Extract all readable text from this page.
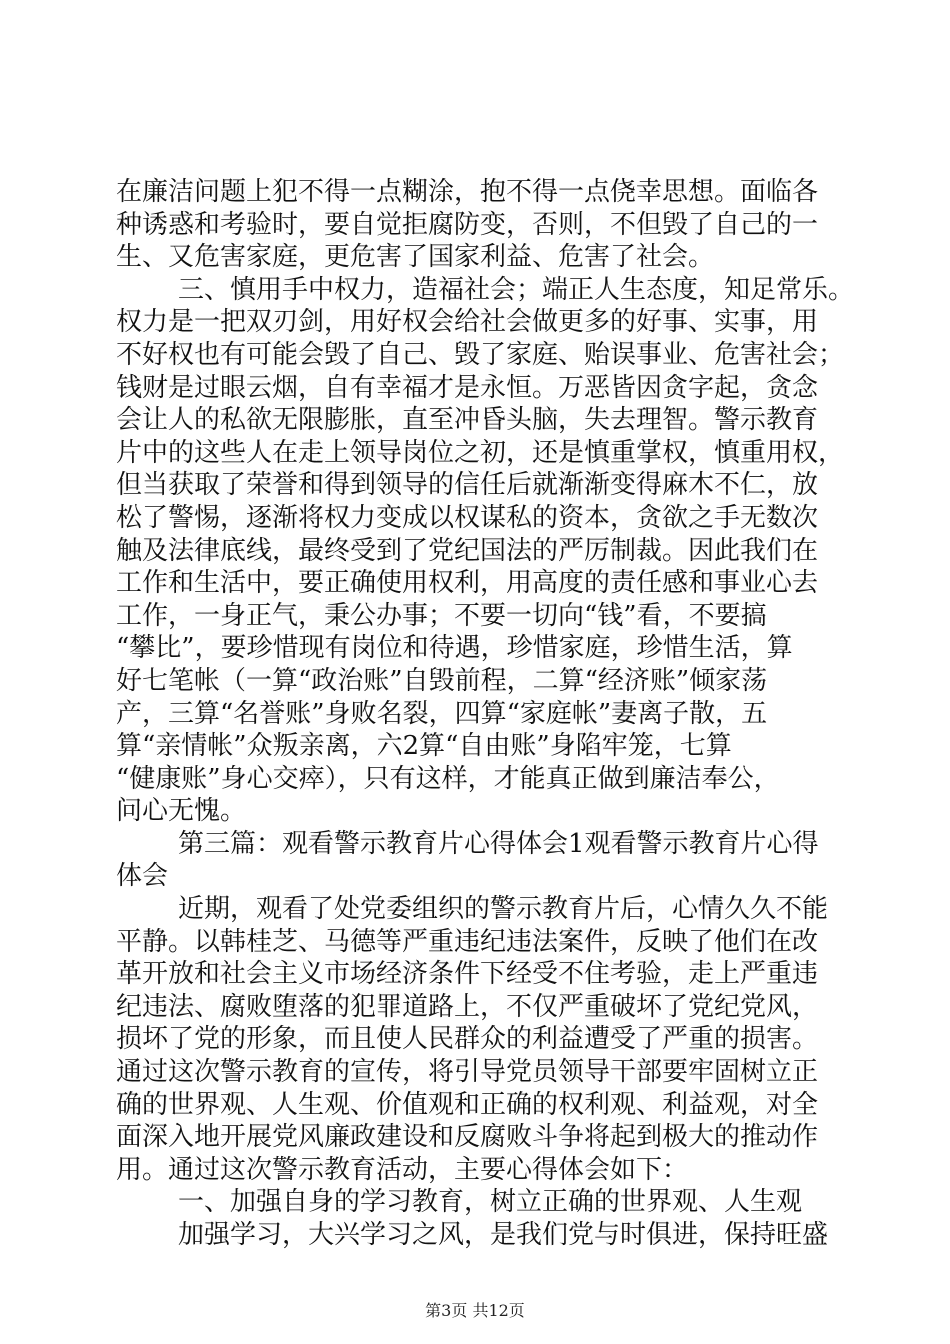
在廉洁问题上犯不得一点糊涂，抱不得一点侥幸思想。面临各
种诱惑和考验时，要自觉拒腐防变，否则，不但毁了自己的一
生、又危害家庭，更危害了国家利益、危害了社会。
三、慎用手中权力，造福社会；端正人生态度，知足常乐。
权力是一把双刃剑，用好权会给社会做更多的好事、实事，用
不好权也有可能会毁了自己、毁了家庭、贻误事业、危害社会；
钱财是过眼云烟，自有幸福才是永恒。万恶皆因贪字起，贪念
会让人的私欲无限膨胀，直至冲昏头脑，失去理智。警示教育
片中的这些人在走上领导岗位之初，还是慎重掌权，慎重用权，
但当获取了荣誉和得到领导的信任后就渐渐变得麻木不仁，放
松了警惕，逐渐将权力变成以权谋私的资本，贪欲之手无数次
触及法律底线，最终受到了党纪国法的严厉制裁。因此我们在
工作和生活中，要正确使用权利，用高度的责任感和事业心去
工作，一身正气，秉公办事；不要一切向“钱”看，不要搞
“攀比”，要珍惜现有岗位和待遇，珍惜家庭，珍惜生活，算
好七笔帐（一算“政治账”自毁前程，二算“经济账”倾家荡
产，三算“名誉账”身败名裂，四算“家庭帐”妻离子散，五
算“亲情帐”众叛亲离，六2算“自由账”身陷牢笼，七算
“健康账”身心交瘁），只有这样，才能真正做到廉洁奉公，
问心无愧。
第三篇：观看警示教育片心得体会1观看警示教育片心得
体会
近期，观看了处党委组织的警示教育片后，心情久久不能
平静。以韩桂芝、马德等严重违纪违法案件，反映了他们在改
革开放和社会主义市场经济条件下经受不住考验，走上严重违
纪违法、腐败堕落的犯罪道路上，不仅严重破坏了党纪党风，
损坏了党的形象，而且使人民群众的利益遭受了严重的损害。
通过这次警示教育的宣传，将引导党员领导干部要牢固树立正
确的世界观、人生观、价值观和正确的权利观、利益观，对全
面深入地开展党风廉政建设和反腐败斗争将起到极大的推动作
用。通过这次警示教育活动，主要心得体会如下：
一、加强自身的学习教育，树立正确的世界观、人生观
加强学习，大兴学习之风，是我们党与时俱进，保持旺盛
第3页 共12页
